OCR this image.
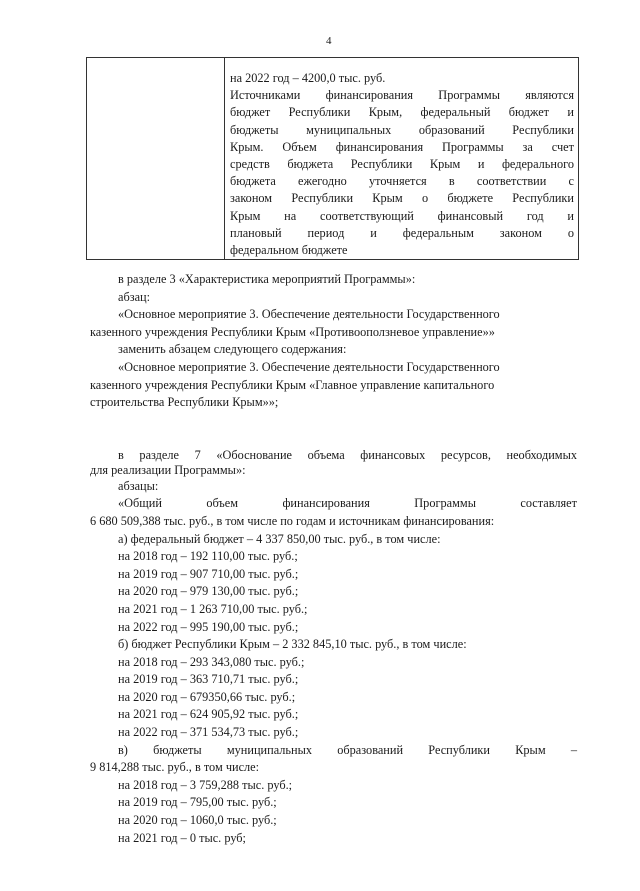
4
на 2022 год – 4200,0 тыс. руб.
Источниками финансирования Программы являются
бюджет Республики Крым, федеральный бюджет и
бюджеты муниципальных образований Республики
Крым. Объем финансирования Программы за счет
средств бюджета Республики Крым и федерального
бюджета ежегодно уточняется в соответствии с
законом Республики Крым о бюджете Республики
Крым на соответствующий финансовый год и
плановый период и федеральным законом о
федеральном бюджете
в разделе 3 «Характеристика мероприятий Программы»:
абзац:
«Основное мероприятие 3. Обеспечение деятельности Государственного
казенного учреждения Республики Крым «Противооползневое управление»»
заменить абзацем следующего содержания:
«Основное мероприятие 3. Обеспечение деятельности Государственного
казенного учреждения Республики Крым «Главное управление капитального
строительства Республики Крым»»;
в разделе 7 «Обоснование объема финансовых ресурсов, необходимых
для реализации Программы»:
абзацы:
«Общий объем финансирования Программы составляет
6 680 509,388 тыс. руб., в том числе по годам и источникам финансирования:
а) федеральный бюджет – 4 337 850,00 тыс. руб., в том числе:
на 2018 год – 192 110,00 тыс. руб.;
на 2019 год – 907 710,00 тыс. руб.;
на 2020 год – 979 130,00 тыс. руб.;
на 2021 год – 1 263 710,00 тыс. руб.;
на 2022 год – 995 190,00 тыс. руб.;
б) бюджет Республики Крым – 2 332 845,10 тыс. руб., в том числе:
на 2018 год – 293 343,080 тыс. руб.;
на 2019 год – 363 710,71 тыс. руб.;
на 2020 год – 679350,66 тыс. руб.;
на 2021 год – 624 905,92 тыс. руб.;
на 2022 год – 371 534,73 тыс. руб.;
в) бюджеты муниципальных образований Республики Крым –
9 814,288 тыс. руб., в том числе:
на 2018 год – 3 759,288 тыс. руб.;
на 2019 год – 795,00 тыс. руб.;
на 2020 год – 1060,0 тыс. руб.;
на 2021 год – 0 тыс. руб;
